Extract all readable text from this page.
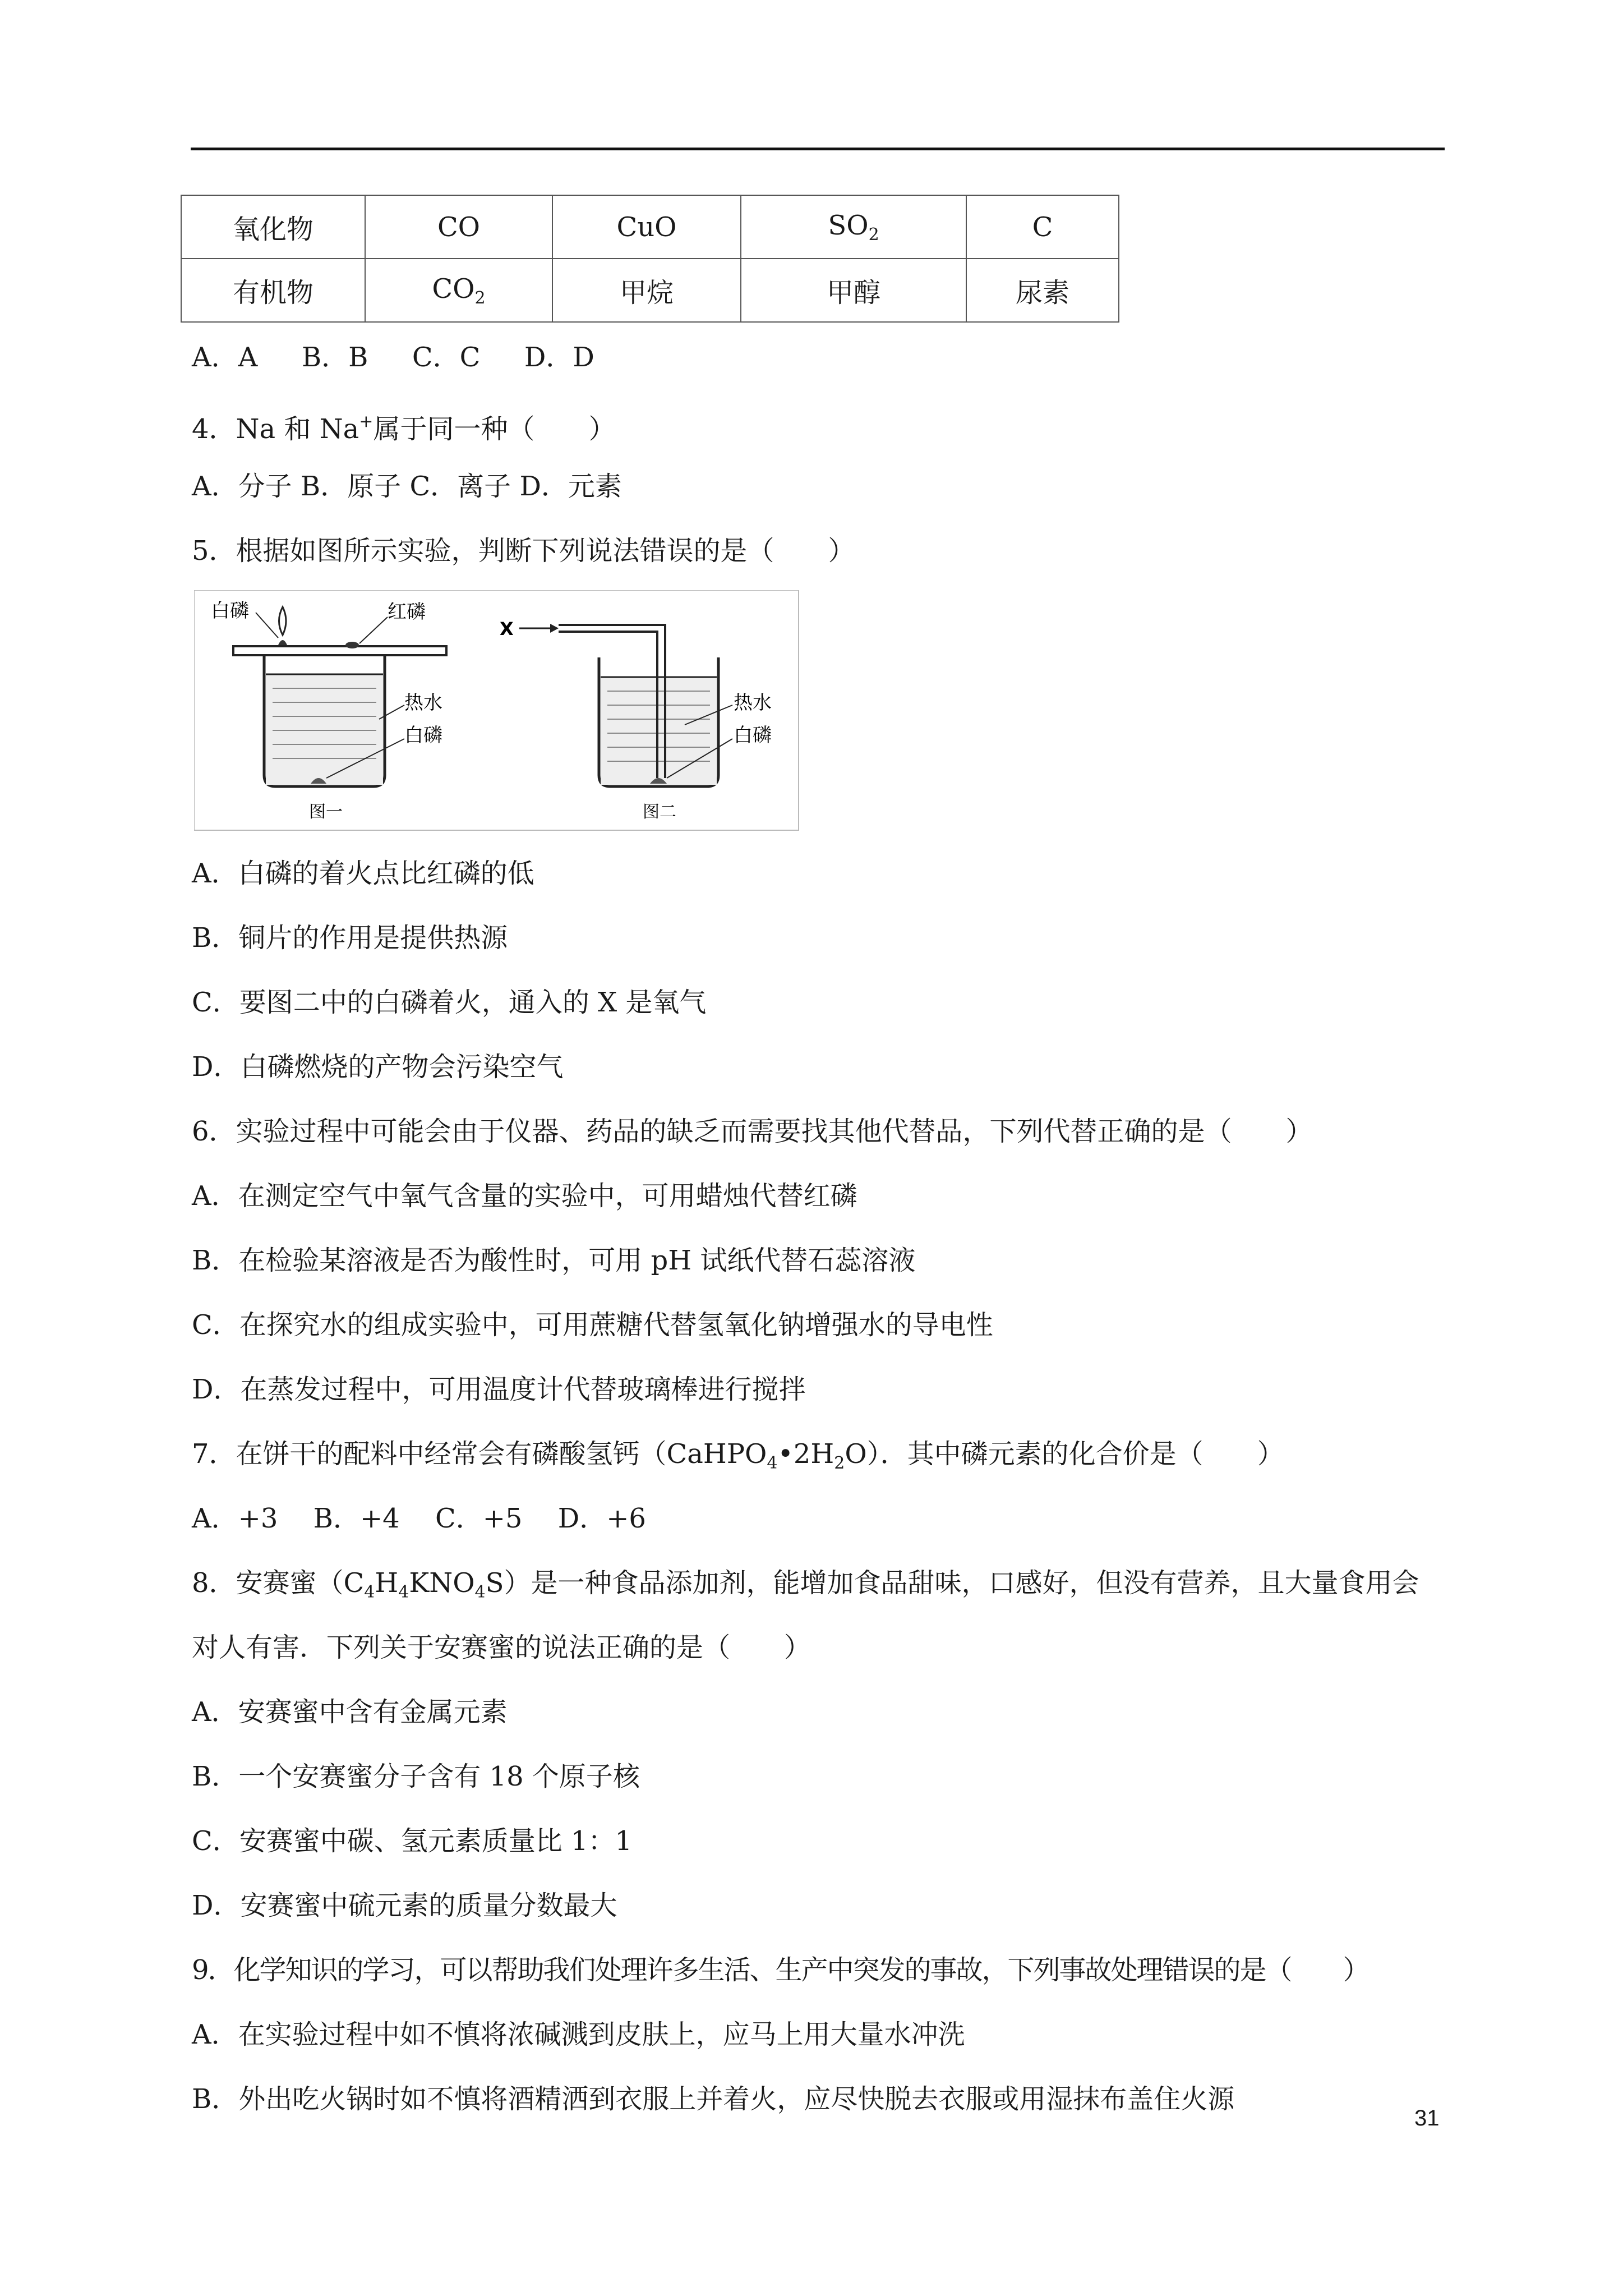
氧化物	CO	CuO	$SO_2$	C
有机物	$CO_2$	甲烷	甲醇	尿素
A．A　  B．B　  C．C　  D．D
4．Na 和 Na+属于同一种（　　）
A．分子 B．原子 C．离子 D．元素
5．根据如图所示实验，判断下列说法错误的是（　　）
白磷	红磷
热水
白磷
图一
X
热水
白磷
图二
A．白磷的着火点比红磷的低
B．铜片的作用是提供热源
C．要图二中的白磷着火，通入的 X 是氧气
D．白磷燃烧的产物会污染空气
6．实验过程中可能会由于仪器、药品的缺乏而需要找其他代替品，下列代替正确的是（　　）
A．在测定空气中氧气含量的实验中，可用蜡烛代替红磷
B．在检验某溶液是否为酸性时，可用 pH 试纸代替石蕊溶液
C．在探究水的组成实验中，可用蔗糖代替氢氧化钠增强水的导电性
D．在蒸发过程中，可用温度计代替玻璃棒进行搅拌
7．在饼干的配料中经常会有磷酸氢钙$(CaHPO_4•2H_2O)$．其中磷元素的化合价是（　　）
A．+3　 B．+4　 C．+5　 D．+6
8．安赛蜜$(C_4H_4KNO_4S)$是一种食品添加剂，能增加食品甜味，口感好，但没有营养，且大量食用会
对人有害．下列关于安赛蜜的说法正确的是（　　）
A．安赛蜜中含有金属元素
B．一个安赛蜜分子含有 18 个原子核
C．安赛蜜中碳、氢元素质量比 1：1
D．安赛蜜中硫元素的质量分数最大
9．化学知识的学习，可以帮助我们处理许多生活、生产中突发的事故，下列事故处理错误的是（　　）
A．在实验过程中如不慎将浓碱溅到皮肤上，应马上用大量水冲洗
B．外出吃火锅时如不慎将酒精洒到衣服上并着火，应尽快脱去衣服或用湿抹布盖住火源
31
